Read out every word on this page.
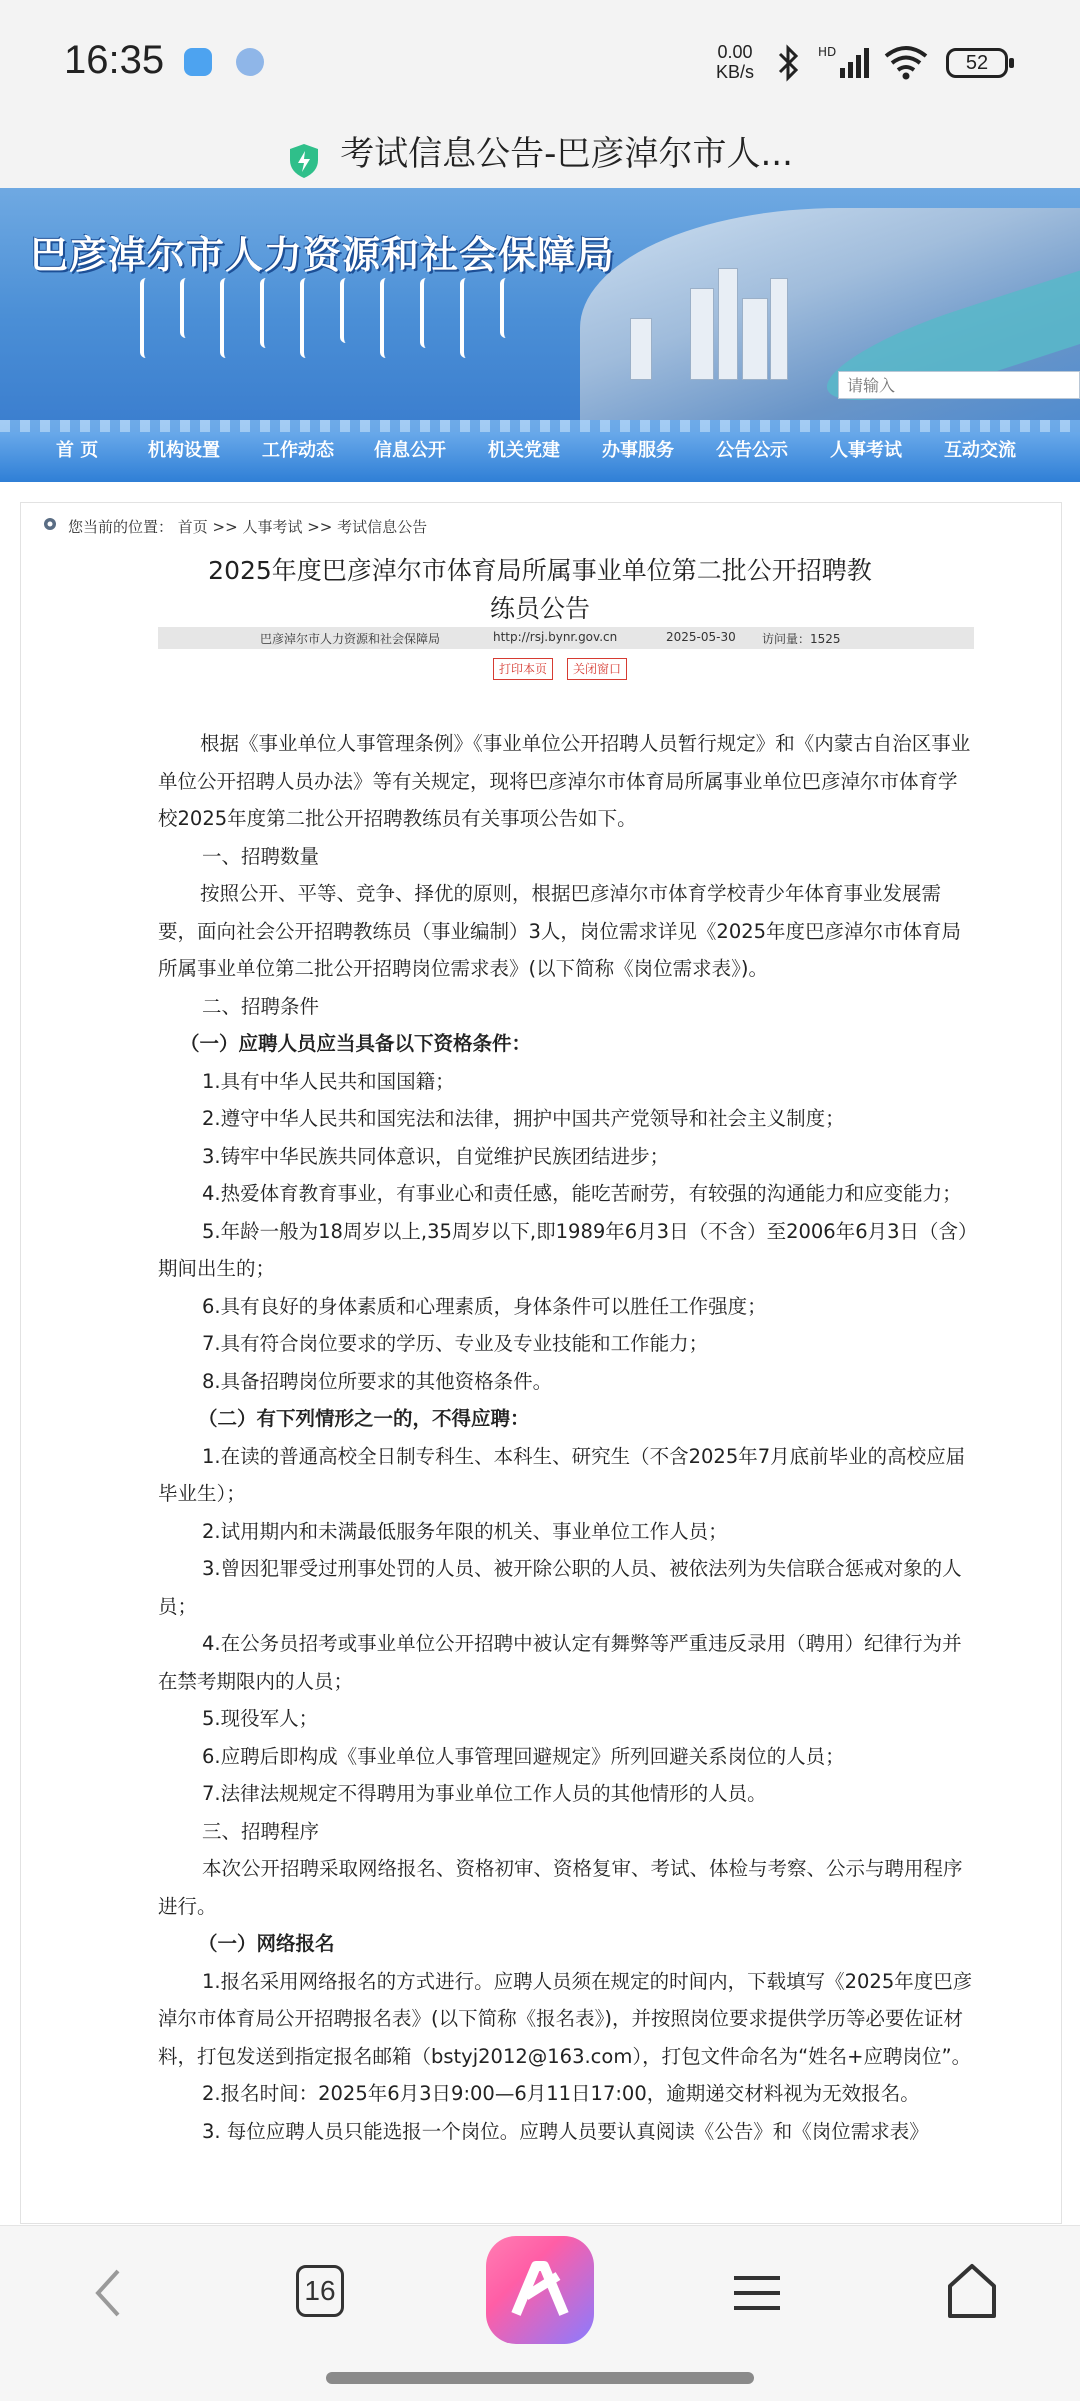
16:35	0.00
KB/s
HD	52
考试信息公告-巴彦淖尔市人...
巴彦淖尔市人力资源和社会保障局
请输入
首 页	机构设置 工作动态 信息公开 机关党建 办事服务 公告公示 人事考试 互动交流
您当前的位置： 首页 >> 人事考试 >> 考试信息公告
2025年度巴彦淖尔市体育局所属事业单位第二批公开招聘教
练员公告
巴彦淖尔市人力资源和社会保障局	http://rsj.bynr.gov.cn	2025-05-30 访问量：1525
打印本页	关闭窗口

根据《事业单位人事管理条例》《事业单位公开招聘人员暂行规定》和《内蒙古自治区事业单位公开招聘人员办法》等有关规定，现将巴彦淖尔市体育局所属事业单位巴彦淖尔市体育学校2025年度第二批公开招聘教练员有关事项公告如下。

一、招聘数量

按照公开、平等、竞争、择优的原则，根据巴彦淖尔市体育学校青少年体育事业发展需要，面向社会公开招聘教练员（事业编制）3人，岗位需求详见《2025年度巴彦淖尔市体育局所属事业单位第二批公开招聘岗位需求表》(以下简称《岗位需求表》)。

二、招聘条件

（一）应聘人员应当具备以下资格条件：

1.具有中华人民共和国国籍；

2.遵守中华人民共和国宪法和法律，拥护中国共产党领导和社会主义制度；

3.铸牢中华民族共同体意识，自觉维护民族团结进步；

4.热爱体育教育事业，有事业心和责任感，能吃苦耐劳，有较强的沟通能力和应变能力；

5.年龄一般为18周岁以上,35周岁以下,即1989年6月3日（不含）至2006年6月3日（含）期间出生的；

6.具有良好的身体素质和心理素质，身体条件可以胜任工作强度；

7.具有符合岗位要求的学历、专业及专业技能和工作能力；

8.具备招聘岗位所要求的其他资格条件。

（二）有下列情形之一的，不得应聘：

1.在读的普通高校全日制专科生、本科生、研究生（不含2025年7月底前毕业的高校应届毕业生）；

2.试用期内和未满最低服务年限的机关、事业单位工作人员；

3.曾因犯罪受过刑事处罚的人员、被开除公职的人员、被依法列为失信联合惩戒对象的人员；

4.在公务员招考或事业单位公开招聘中被认定有舞弊等严重违反录用（聘用）纪律行为并在禁考期限内的人员；

5.现役军人；

6.应聘后即构成《事业单位人事管理回避规定》所列回避关系岗位的人员；

7.法律法规规定不得聘用为事业单位工作人员的其他情形的人员。

三、招聘程序

本次公开招聘采取网络报名、资格初审、资格复审、考试、体检与考察、公示与聘用程序进行。

（一）网络报名

1.报名采用网络报名的方式进行。应聘人员须在规定的时间内，下载填写《2025年度巴彦淖尔市体育局公开招聘报名表》(以下简称《报名表》)，并按照岗位要求提供学历等必要佐证材料，打包发送到指定报名邮箱（bstyj2012@163.com），打包文件命名为“姓名+应聘岗位”。

2.报名时间：2025年6月3日9:00—6月11日17:00，逾期递交材料视为无效报名。

3. 每位应聘人员只能选报一个岗位。应聘人员要认真阅读《公告》和《岗位需求表》

16
